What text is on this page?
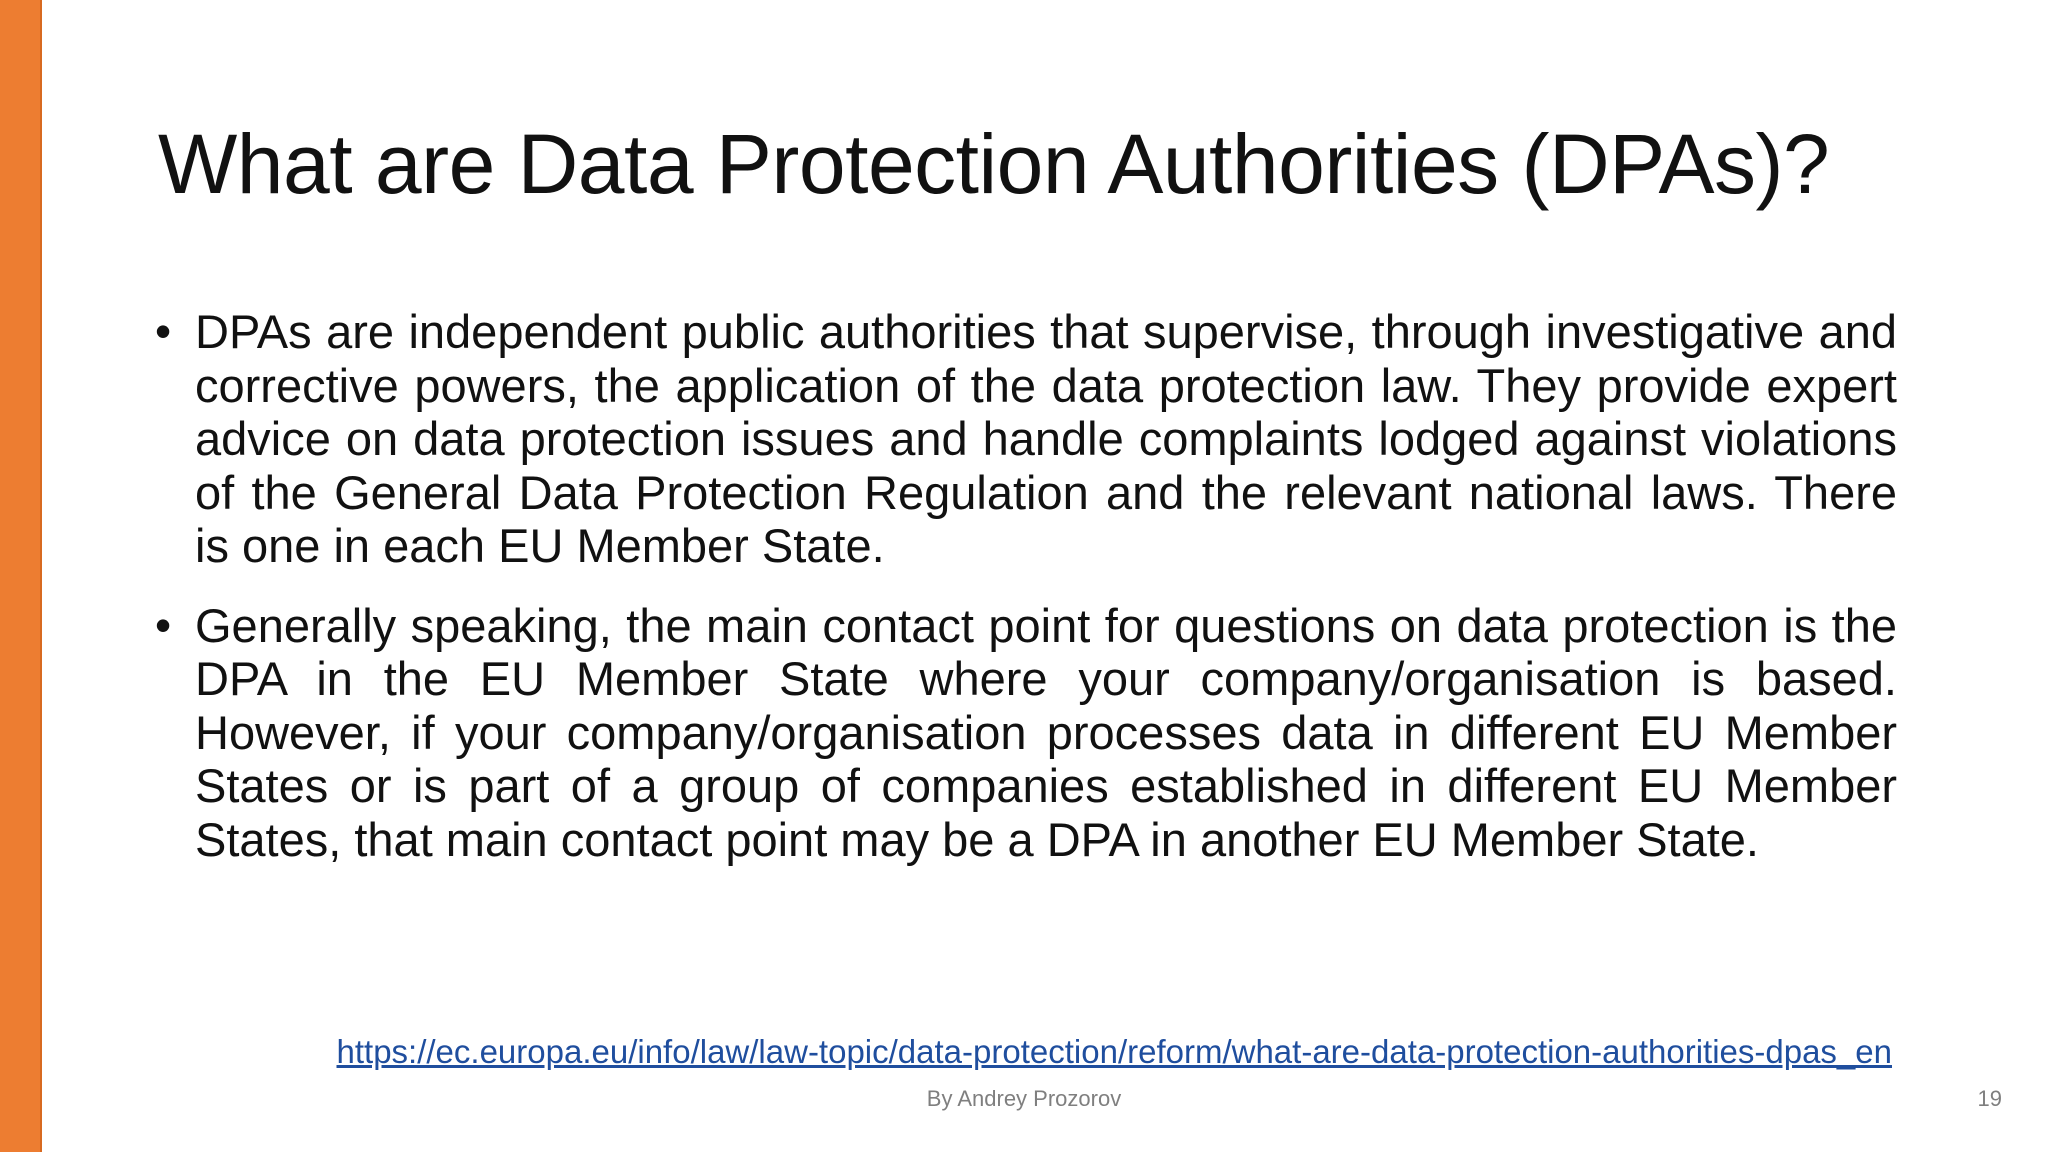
What are Data Protection Authorities (DPAs)?
• DPAs are independent public authorities that supervise, through investigative and corrective powers, the application of the data protection law. They provide expert advice on data protection issues and handle complaints lodged against violations of the General Data Protection Regulation and the relevant national laws. There is one in each EU Member State.
• Generally speaking, the main contact point for questions on data protection is the DPA in the EU Member State where your company/organisation is based. However, if your company/organisation processes data in different EU Member States or is part of a group of companies established in different EU Member States, that main contact point may be a DPA in another EU Member State.
https://ec.europa.eu/info/law/law-topic/data-protection/reform/what-are-data-protection-authorities-dpas_en
By Andrey Prozorov	19
